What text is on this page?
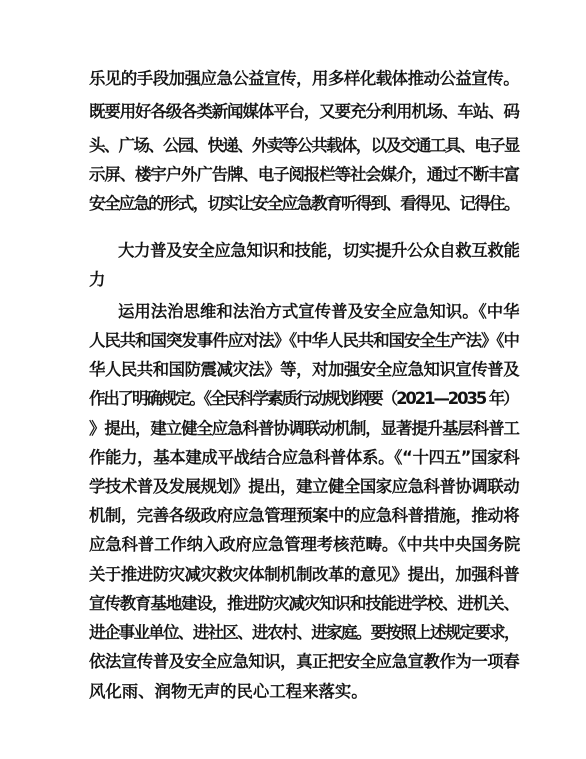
乐见的手段加强应急公益宣传，用多样化载体推动公益宣传。
既要用好各级各类新闻媒体平台，又要充分利用机场、车站、码
头、广场、公园、快递、外卖等公共载体，以及交通工具、电子显
示屏、楼宇户外广告牌、电子阅报栏等社会媒介，通过不断丰富
安全应急的形式，切实让安全应急教育听得到、看得见、记得住。
大力普及安全应急知识和技能，切实提升公众自救互救能
力
运用法治思维和法治方式宣传普及安全应急知识。《中华
人民共和国突发事件应对法》《中华人民共和国安全生产法》《中
华人民共和国防震减灾法》等，对加强安全应急知识宣传普及
作出了明确规定。《全民科学素质行动规划纲要（2021—2035 年）
》提出，建立健全应急科普协调联动机制，显著提升基层科普工
作能力，基本建成平战结合应急科普体系。《“十四五”国家科
学技术普及发展规划》提出，建立健全国家应急科普协调联动
机制，完善各级政府应急管理预案中的应急科普措施，推动将
应急科普工作纳入政府应急管理考核范畴。《中共中央国务院
关于推进防灾减灾救灾体制机制改革的意见》提出，加强科普
宣传教育基地建设，推进防灾减灾知识和技能进学校、进机关、
进企事业单位、进社区、进农村、进家庭。要按照上述规定要求，
依法宣传普及安全应急知识，真正把安全应急宣教作为一项春
风化雨、润物无声的民心工程来落实。
